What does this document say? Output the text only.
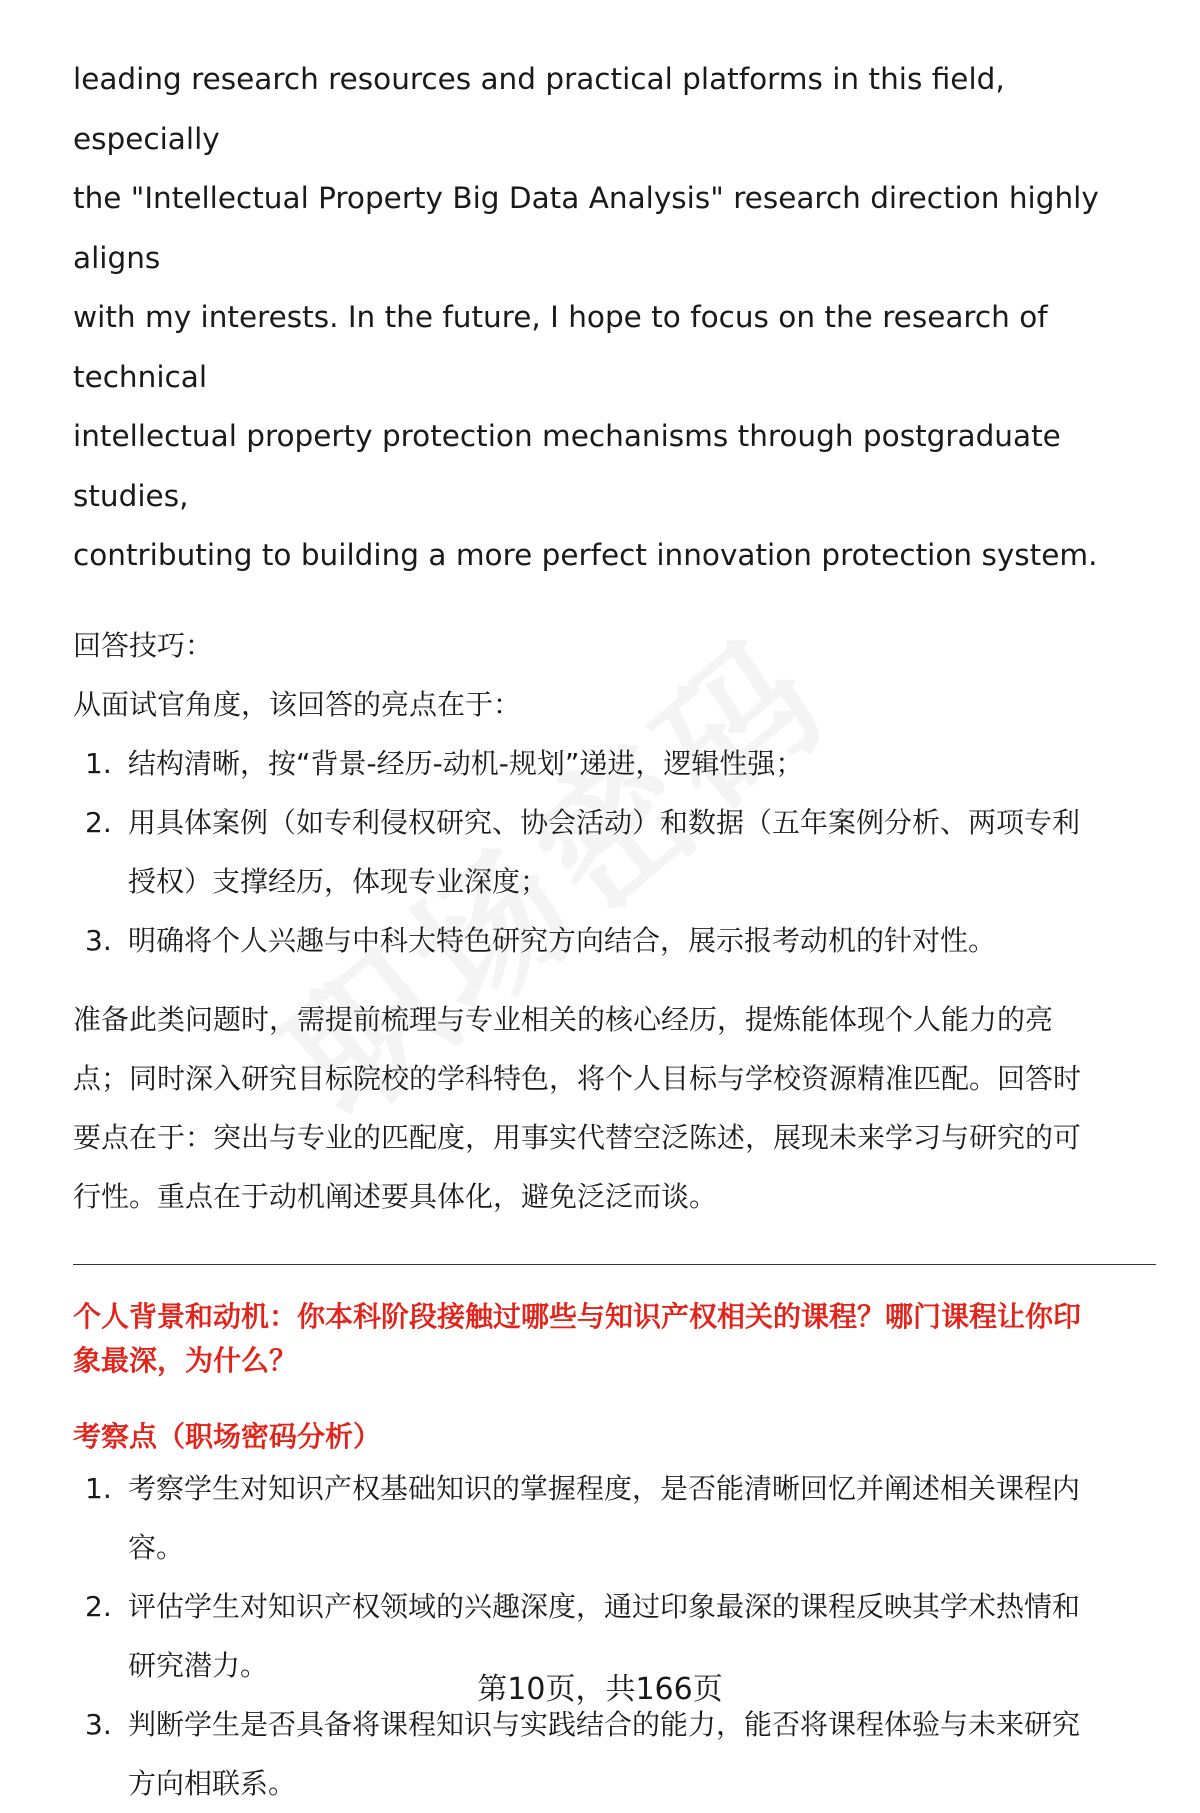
leading research resources and practical platforms in this field, especially

the "Intellectual Property Big Data Analysis" research direction highly aligns

with my interests. In the future, I hope to focus on the research of technical

intellectual property protection mechanisms through postgraduate studies,

contributing to building a more perfect innovation protection system.

回答技巧：

从面试官角度，该回答的亮点在于：

1. 结构清晰，按“背景-经历-动机-规划”递进，逻辑性强；
2. 用具体案例（如专利侵权研究、协会活动）和数据（五年案例分析、两项专利
授权）支撑经历，体现专业深度；
3. 明确将个人兴趣与中科大特色研究方向结合，展示报考动机的针对性。

准备此类问题时，需提前梳理与专业相关的核心经历，提炼能体现个人能力的亮

点；同时深入研究目标院校的学科特色，将个人目标与学校资源精准匹配。回答时

要点在于：突出与专业的匹配度，用事实代替空泛陈述，展现未来学习与研究的可

行性。重点在于动机阐述要具体化，避免泛泛而谈。

个人背景和动机：你本科阶段接触过哪些与知识产权相关的课程？哪门课程让你印
象最深，为什么？
考察点（职场密码分析）
1. 考察学生对知识产权基础知识的掌握程度，是否能清晰回忆并阐述相关课程内
容。
2. 评估学生对知识产权领域的兴趣深度，通过印象最深的课程反映其学术热情和
研究潜力。
3. 判断学生是否具备将课程知识与实践结合的能力，能否将课程体验与未来研究
方向相联系。
第10页，共166页
